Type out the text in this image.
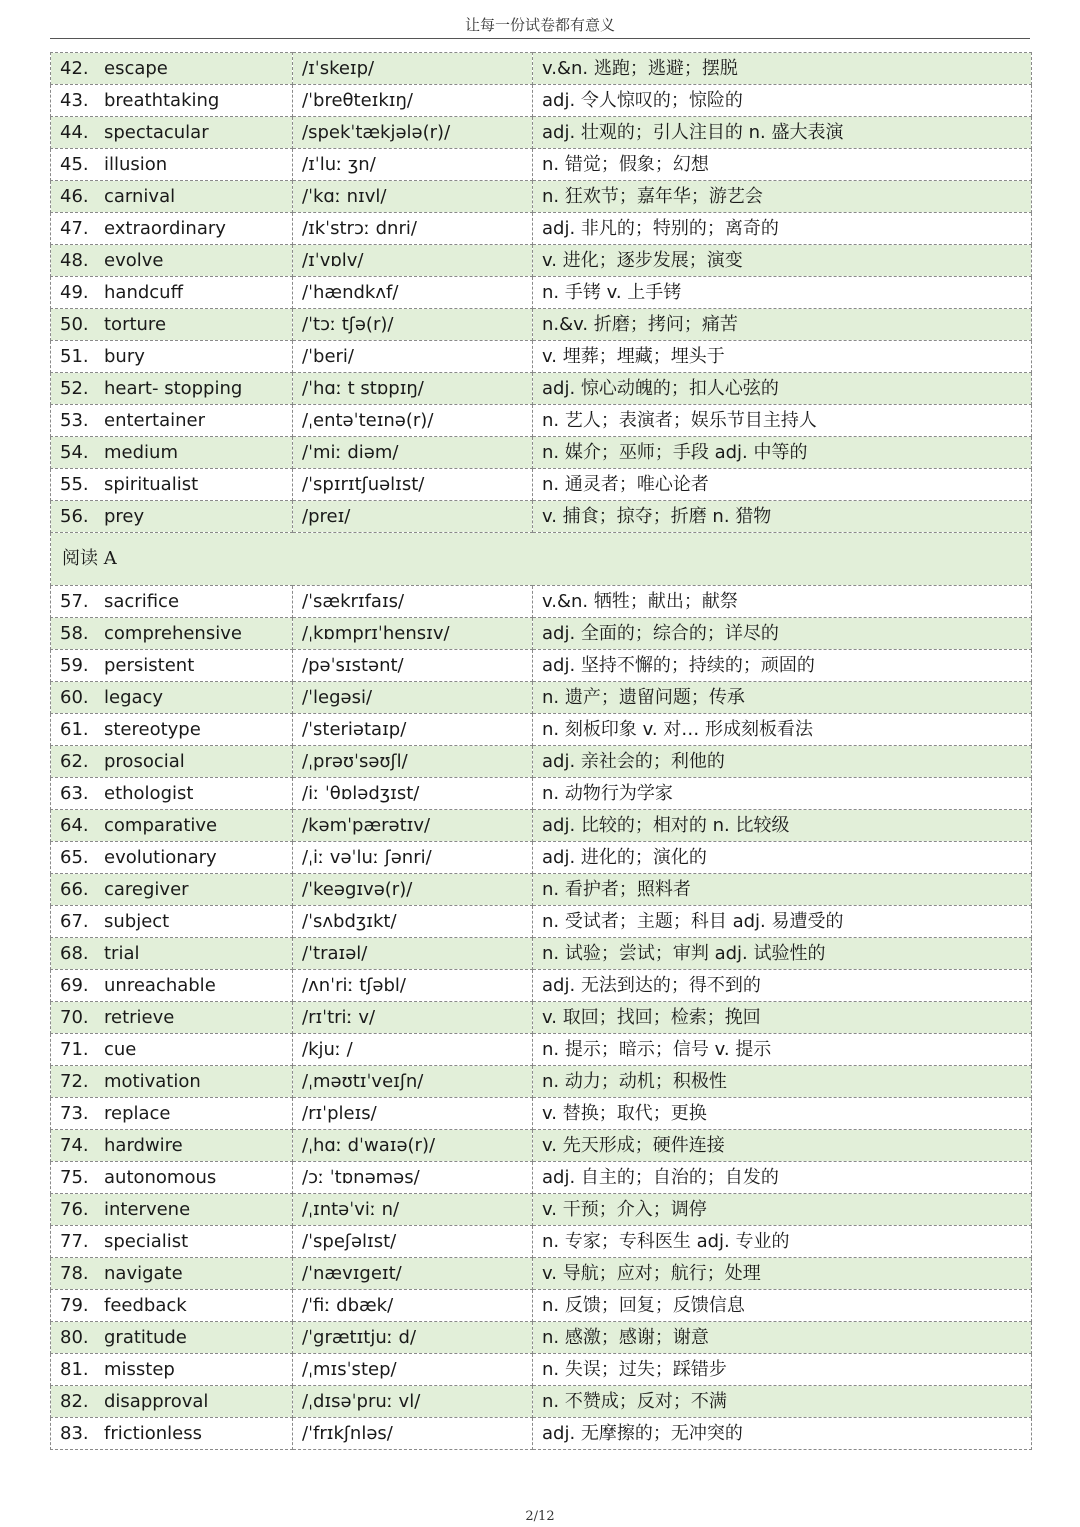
让每一份试卷都有意义
42. escape	/ɪˈskeɪp/	v.&n. 逃跑；逃避；摆脱
43. breathtaking	/ˈbreθteɪkɪŋ/	adj. 令人惊叹的；惊险的
44. spectacular	/spekˈtækjələ(r)/	adj. 壮观的；引人注目的 n. 盛大表演
45. illusion	/ɪˈluː ʒn/	n. 错觉；假象；幻想
46. carnival	/ˈkɑː nɪvl/	n. 狂欢节；嘉年华；游艺会
47. extraordinary	/ɪkˈstrɔː dnri/	adj. 非凡的；特别的；离奇的
48. evolve	/ɪˈvɒlv/	v. 进化；逐步发展；演变
49. handcuff	/ˈhændkʌf/	n. 手铐 v. 上手铐
50. torture	/ˈtɔː tʃə(r)/	n.&v. 折磨；拷问；痛苦
51. bury	/ˈberi/	v. 埋葬；埋藏；埋头于
52. heart- stopping	/ˈhɑː t stɒpɪŋ/	adj. 惊心动魄的；扣人心弦的
53. entertainer	/ˌentəˈteɪnə(r)/	n. 艺人；表演者；娱乐节目主持人
54. medium	/ˈmiː diəm/	n. 媒介；巫师；手段 adj. 中等的
55. spiritualist	/ˈspɪrɪtʃuəlɪst/	n. 通灵者；唯心论者
56. prey	/preɪ/	v. 捕食；掠夺；折磨 n. 猎物
阅读 A		
57. sacrifice	/ˈsækrɪfaɪs/	v.&n. 牺牲；献出；献祭
58. comprehensive	/ˌkɒmprɪˈhensɪv/	adj. 全面的；综合的；详尽的
59. persistent	/pəˈsɪstənt/	adj. 坚持不懈的；持续的；顽固的
60. legacy	/ˈlegəsi/	n. 遗产；遗留问题；传承
61. stereotype	/ˈsteriətaɪp/	n. 刻板印象 v. 对… 形成刻板看法
62. prosocial	/ˌprəʊˈsəʊʃl/	adj. 亲社会的；利他的
63. ethologist	/iː ˈθɒlədʒɪst/	n. 动物行为学家
64. comparative	/kəmˈpærətɪv/	adj. 比较的；相对的 n. 比较级
65. evolutionary	/ˌiː vəˈluː ʃənri/	adj. 进化的；演化的
66. caregiver	/ˈkeəgɪvə(r)/	n. 看护者；照料者
67. subject	/ˈsʌbdʒɪkt/	n. 受试者；主题；科目 adj. 易遭受的
68. trial	/ˈtraɪəl/	n. 试验；尝试；审判 adj. 试验性的
69. unreachable	/ʌnˈriː tʃəbl/	adj. 无法到达的；得不到的
70. retrieve	/rɪˈtriː v/	v. 取回；找回；检索；挽回
71. cue	/kjuː /	n. 提示；暗示；信号 v. 提示
72. motivation	/ˌməʊtɪˈveɪʃn/	n. 动力；动机；积极性
73. replace	/rɪˈpleɪs/	v. 替换；取代；更换
74. hardwire	/ˌhɑː dˈwaɪə(r)/	v. 先天形成；硬件连接
75. autonomous	/ɔː ˈtɒnəməs/	adj. 自主的；自治的；自发的
76. intervene	/ˌɪntəˈviː n/	v. 干预；介入；调停
77. specialist	/ˈspeʃəlɪst/	n. 专家；专科医生 adj. 专业的
78. navigate	/ˈnævɪgeɪt/	v. 导航；应对；航行；处理
79. feedback	/ˈfiː dbæk/	n. 反馈；回复；反馈信息
80. gratitude	/ˈgrætɪtjuː d/	n. 感激；感谢；谢意
81. misstep	/ˌmɪsˈstep/	n. 失误；过失；踩错步
82. disapproval	/ˌdɪsəˈpruː vl/	n. 不赞成；反对；不满
83. frictionless	/ˈfrɪkʃnləs/	adj. 无摩擦的；无冲突的
2/12
